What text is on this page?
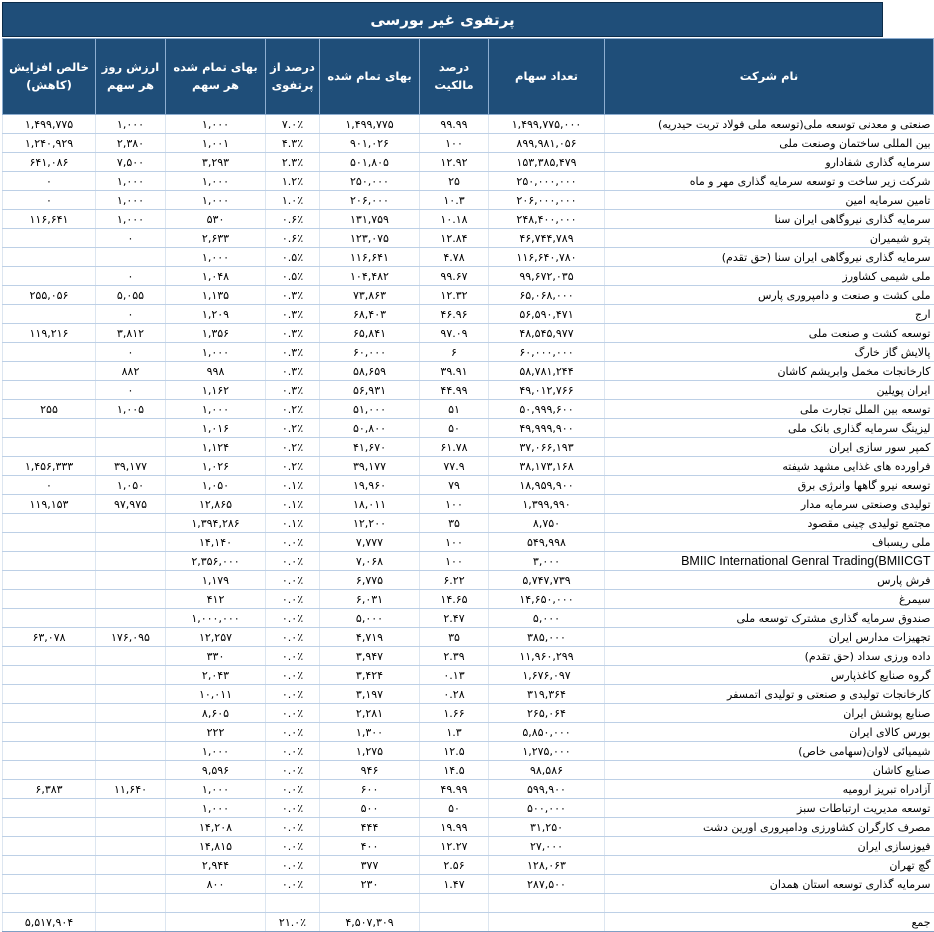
پرتفوی غیر بورسی
نام شرکت	تعداد سهام	درصد مالکیت	بهای تمام شده	درصد از پرتفوی	بهای تمام شده هر سهم	ارزش روز هر سهم	خالص افزایش (کاهش)
صنعتی و معدنی توسعه ملی(توسعه ملی فولاد تربت حیدریه)	۱,۴۹۹,۷۷۵,۰۰۰	۹۹.۹۹	۱,۴۹۹,۷۷۵	۷.۰٪	۱,۰۰۰	۱,۰۰۰	۱,۴۹۹,۷۷۵
بین المللی ساختمان وصنعت ملی	۸۹۹,۹۸۱,۰۵۶	۱۰۰	۹۰۱,۰۲۶	۴.۳٪	۱,۰۰۱	۲,۳۸۰	۱,۲۴۰,۹۲۹
سرمایه گذاری شفادارو	۱۵۳,۳۸۵,۴۷۹	۱۲.۹۲	۵۰۱,۸۰۵	۲.۳٪	۳,۲۹۳	۷,۵۰۰	۶۴۱,۰۸۶
شرکت زیر ساخت و توسعه سرمایه گذاری مهر و ماه	۲۵۰,۰۰۰,۰۰۰	۲۵	۲۵۰,۰۰۰	۱.۲٪	۱,۰۰۰	۱,۰۰۰	۰
تامین سرمایه امین	۲۰۶,۰۰۰,۰۰۰	۱۰.۳	۲۰۶,۰۰۰	۱.۰٪	۱,۰۰۰	۱,۰۰۰	۰
سرمایه گذاری نیروگاهی ایران سنا	۲۴۸,۴۰۰,۰۰۰	۱۰.۱۸	۱۳۱,۷۵۹	۰.۶٪	۵۳۰	۱,۰۰۰	۱۱۶,۶۴۱
پترو شیمیران	۴۶,۷۴۴,۷۸۹	۱۲.۸۴	۱۲۳,۰۷۵	۰.۶٪	۲,۶۳۳	۰	
سرمایه گذاری نیروگاهی ایران سنا (حق تقدم)	۱۱۶,۶۴۰,۷۸۰	۴.۷۸	۱۱۶,۶۴۱	۰.۵٪	۱,۰۰۰		
ملی شیمی کشاورز	۹۹,۶۷۲,۰۳۵	۹۹.۶۷	۱۰۴,۴۸۲	۰.۵٪	۱,۰۴۸	۰	
ملی کشت و صنعت و دامپروری پارس	۶۵,۰۶۸,۰۰۰	۱۲.۳۲	۷۳,۸۶۳	۰.۳٪	۱,۱۳۵	۵,۰۵۵	۲۵۵,۰۵۶
ارج	۵۶,۵۹۰,۴۷۱	۴۶.۹۶	۶۸,۴۰۳	۰.۳٪	۱,۲۰۹	۰	
توسعه کشت و صنعت ملی	۴۸,۵۴۵,۹۷۷	۹۷.۰۹	۶۵,۸۴۱	۰.۳٪	۱,۳۵۶	۳,۸۱۲	۱۱۹,۲۱۶
پالایش گاز خارگ	۶۰,۰۰۰,۰۰۰	۶	۶۰,۰۰۰	۰.۳٪	۱,۰۰۰	۰	
کارخانجات مخمل وابریشم کاشان	۵۸,۷۸۱,۲۴۴	۳۹.۹۱	۵۸,۶۵۹	۰.۳٪	۹۹۸	۸۸۲	
ایران پویلین	۴۹,۰۱۲,۷۶۶	۴۴.۹۹	۵۶,۹۳۱	۰.۳٪	۱,۱۶۲	۰	
توسعه بین الملل تجارت ملی	۵۰,۹۹۹,۶۰۰	۵۱	۵۱,۰۰۰	۰.۲٪	۱,۰۰۰	۱,۰۰۵	۲۵۵
لیزینگ سرمایه گذاری بانک ملی	۴۹,۹۹۹,۹۰۰	۵۰	۵۰,۸۰۰	۰.۲٪	۱,۰۱۶		
کمپر سور سازی ایران	۳۷,۰۶۶,۱۹۳	۶۱.۷۸	۴۱,۶۷۰	۰.۲٪	۱,۱۲۴		
فراورده های غذایی مشهد شیفته	۳۸,۱۷۳,۱۶۸	۷۷.۹	۳۹,۱۷۷	۰.۲٪	۱,۰۲۶	۳۹,۱۷۷	۱,۴۵۶,۳۳۳
توسعه نیرو گاهها وانرژی برق	۱۸,۹۵۹,۹۰۰	۷۹	۱۹,۹۶۰	۰.۱٪	۱,۰۵۰	۱,۰۵۰	۰
تولیدی وصنعتی سرمایه مدار	۱,۳۹۹,۹۹۰	۱۰۰	۱۸,۰۱۱	۰.۱٪	۱۲,۸۶۵	۹۷,۹۷۵	۱۱۹,۱۵۳
مجتمع تولیدی چینی مقصود	۸,۷۵۰	۳۵	۱۲,۲۰۰	۰.۱٪	۱,۳۹۴,۲۸۶		
ملی ریسباف	۵۴۹,۹۹۸	۱۰۰	۷,۷۷۷	۰.۰٪	۱۴,۱۴۰		
BMIIC International Genral Trading(BMIICGT	۳,۰۰۰	۱۰۰	۷,۰۶۸	۰.۰٪	۲,۳۵۶,۰۰۰		
فرش پارس	۵,۷۴۷,۷۳۹	۶.۲۲	۶,۷۷۵	۰.۰٪	۱,۱۷۹		
سیمرغ	۱۴,۶۵۰,۰۰۰	۱۴.۶۵	۶,۰۳۱	۰.۰٪	۴۱۲		
صندوق سرمایه گذاری مشترک توسعه ملی	۵,۰۰۰	۲.۴۷	۵,۰۰۰	۰.۰٪	۱,۰۰۰,۰۰۰		
تجهیزات مدارس ایران	۳۸۵,۰۰۰	۳۵	۴,۷۱۹	۰.۰٪	۱۲,۲۵۷	۱۷۶,۰۹۵	۶۳,۰۷۸
داده ورزی سداد (حق تقدم)	۱۱,۹۶۰,۲۹۹	۲.۳۹	۳,۹۴۷	۰.۰٪	۳۳۰		
گروه صنایع کاغذپارس	۱,۶۷۶,۰۹۷	۰.۱۳	۳,۴۲۴	۰.۰٪	۲,۰۴۳		
کارخانجات تولیدی و صنعتی و تولیدی اتمسفر	۳۱۹,۳۶۴	۰.۲۸	۳,۱۹۷	۰.۰٪	۱۰,۰۱۱		
صنایع پوشش ایران	۲۶۵,۰۶۴	۱.۶۶	۲,۲۸۱	۰.۰٪	۸,۶۰۵		
بورس کالای ایران	۵,۸۵۰,۰۰۰	۱.۳	۱,۳۰۰	۰.۰٪	۲۲۲		
شیمیائی لاوان(سهامی خاص)	۱,۲۷۵,۰۰۰	۱۲.۵	۱,۲۷۵	۰.۰٪	۱,۰۰۰		
صنایع کاشان	۹۸,۵۸۶	۱۴.۵	۹۴۶	۰.۰٪	۹,۵۹۶		
آزادراه تبریز ارومیه	۵۹۹,۹۰۰	۴۹.۹۹	۶۰۰	۰.۰٪	۱,۰۰۰	۱۱,۶۴۰	۶,۳۸۳
توسعه مدیریت ارتباطات سبز	۵۰۰,۰۰۰	۵۰	۵۰۰	۰.۰٪	۱,۰۰۰		
مصرف کارگران کشاورزی ودامپروری اورین دشت	۳۱,۲۵۰	۱۹.۹۹	۴۴۴	۰.۰٪	۱۴,۲۰۸		
فیوزسازی ایران	۲۷,۰۰۰	۱۲.۲۷	۴۰۰	۰.۰٪	۱۴,۸۱۵		
گچ تهران	۱۲۸,۰۶۳	۲.۵۶	۳۷۷	۰.۰٪	۲,۹۴۴		
سرمایه گذاری توسعه استان همدان	۲۸۷,۵۰۰	۱.۴۷	۲۳۰	۰.۰٪	۸۰۰		

جمع			۴,۵۰۷,۳۰۹	۲۱.۰٪			۵,۵۱۷,۹۰۴
